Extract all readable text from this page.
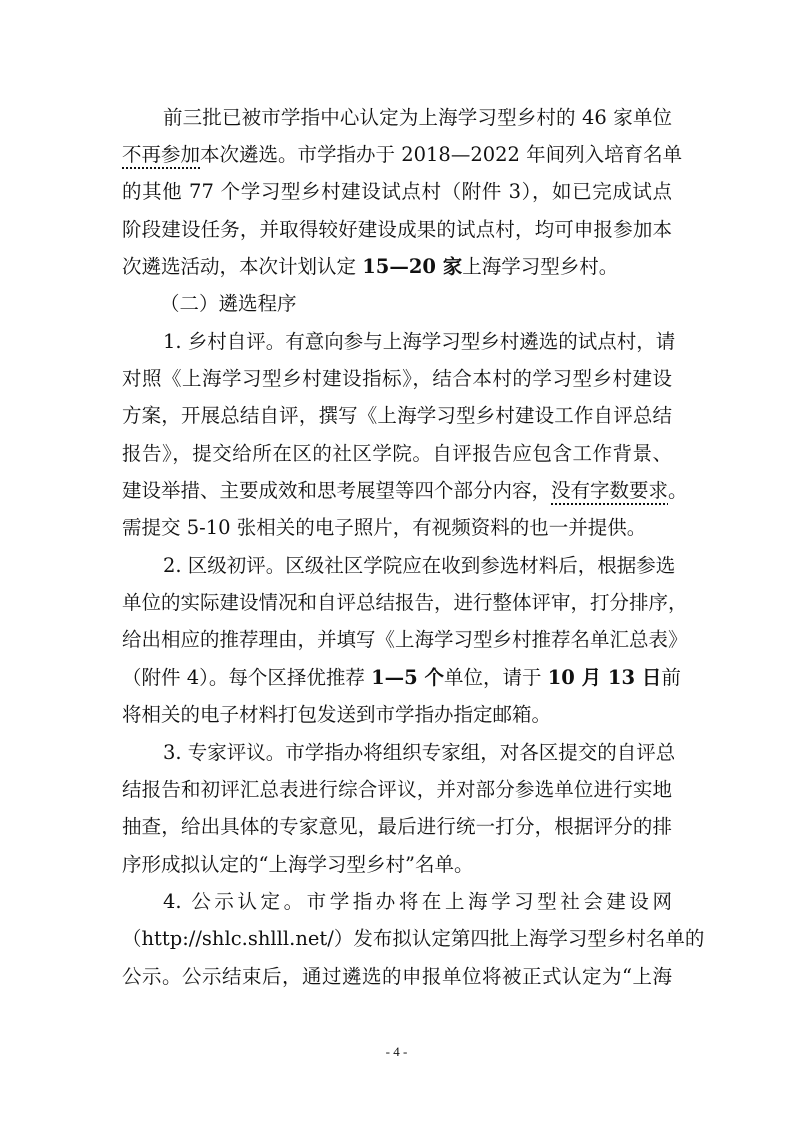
前三批已被市学指中心认定为上海学习型乡村的 46 家单位
不再参加本次遴选。市学指办于 2018—2022 年间列入培育名单
的其他 77 个学习型乡村建设试点村（附件 3），如已完成试点
阶段建设任务，并取得较好建设成果的试点村，均可申报参加本
次遴选活动，本次计划认定 15—20 家上海学习型乡村。
（二）遴选程序
1. 乡村自评。有意向参与上海学习型乡村遴选的试点村，请
对照《上海学习型乡村建设指标》，结合本村的学习型乡村建设
方案，开展总结自评，撰写《上海学习型乡村建设工作自评总结
报告》，提交给所在区的社区学院。自评报告应包含工作背景、
建设举措、主要成效和思考展望等四个部分内容，没有字数要求。
需提交 5-10 张相关的电子照片，有视频资料的也一并提供。
2. 区级初评。区级社区学院应在收到参选材料后，根据参选
单位的实际建设情况和自评总结报告，进行整体评审，打分排序，
给出相应的推荐理由，并填写《上海学习型乡村推荐名单汇总表》
（附件 4）。每个区择优推荐 1—5 个单位，请于 10 月 13 日前
将相关的电子材料打包发送到市学指办指定邮箱。
3. 专家评议。市学指办将组织专家组，对各区提交的自评总
结报告和初评汇总表进行综合评议，并对部分参选单位进行实地
抽查，给出具体的专家意见，最后进行统一打分，根据评分的排
序形成拟认定的“上海学习型乡村”名单。
4. 公示认定。市学指办将在上海学习型社会建设网
（http://shlc.shlll.net/）发布拟认定第四批上海学习型乡村名单的
公示。公示结束后，通过遴选的申报单位将被正式认定为“上海
- 4 -
